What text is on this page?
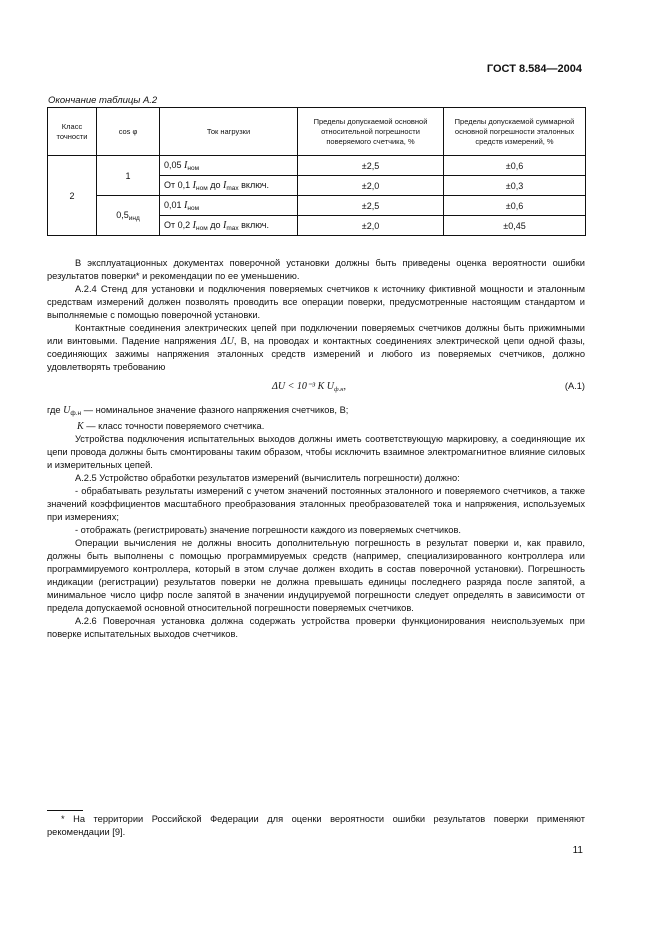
ГОСТ 8.584—2004
Окончание таблицы А.2
Класс точности	cos φ	Ток нагрузки	Пределы допускаемой основной относительной погрешности поверяемого счетчика, %	Пределы допускаемой суммарной основной погрешности эталонных средств измерений, %
2	1	0,05 $I_{ном}$	±2,5	±0,6
		От 0,1 $I_{ном}$ до $I_{max}$ включ.	±2,0	±0,3
	$0,5_{инд}$	0,01 $I_{ном}$	±2,5	±0,6
		От 0,2 $I_{ном}$ до $I_{max}$ включ.	±2,0	±0,45

В эксплуатационных документах поверочной установки должны быть приведены оценка вероятности ошибки результатов поверки* и рекомендации по ее уменьшению.

А.2.4 Стенд для установки и подключения поверяемых счетчиков к источнику фиктивной мощности и эталонным средствам измерений должен позволять проводить все операции поверки, предусмотренные настоящим стандартом и выполняемые с помощью поверочной установки.

Контактные соединения электрических цепей при подключении поверяемых счетчиков должны быть прижимными или винтовыми. Падение напряжения ΔU, В, на проводах и контактных соединениях электрической цепи одной фазы, соединяющих зажимы напряжения эталонных средств измерений и любого из поверяемых счетчиков, должно удовлетворять требованию

ΔU < 10⁻³ K $U_{ф.н}$,	(А.1)

где $U_{ф.н}$ — номинальное значение фазного напряжения счетчиков, В;

K — класс точности поверяемого счетчика.

Устройства подключения испытательных выходов должны иметь соответствующую маркировку, а соединяющие их цепи провода должны быть смонтированы таким образом, чтобы исключить взаимное электромагнитное влияние силовых и измерительных цепей.

А.2.5 Устройство обработки результатов измерений (вычислитель погрешности) должно:

- обрабатывать результаты измерений с учетом значений постоянных эталонного и поверяемого счетчиков, а также значений коэффициентов масштабного преобразования эталонных преобразователей тока и напряжения, используемых при измерениях;

- отображать (регистрировать) значение погрешности каждого из поверяемых счетчиков.

Операции вычисления не должны вносить дополнительную погрешность в результат поверки и, как правило, должны быть выполнены с помощью программируемых средств (например, специализированного контроллера или программируемого контроллера, который в этом случае должен входить в состав поверочной установки). Погрешность индикации (регистрации) результатов поверки не должна превышать единицы последнего разряда после запятой, а минимальное число цифр после запятой в значении индуцируемой погрешности следует определять в зависимости от предела допускаемой основной относительной погрешности поверяемых счетчиков.

А.2.6 Поверочная установка должна содержать устройства проверки функционирования неиспользуемых при поверке испытательных выходов счетчиков.

* На территории Российской Федерации для оценки вероятности ошибки результатов поверки применяют рекомендации [9].

11
